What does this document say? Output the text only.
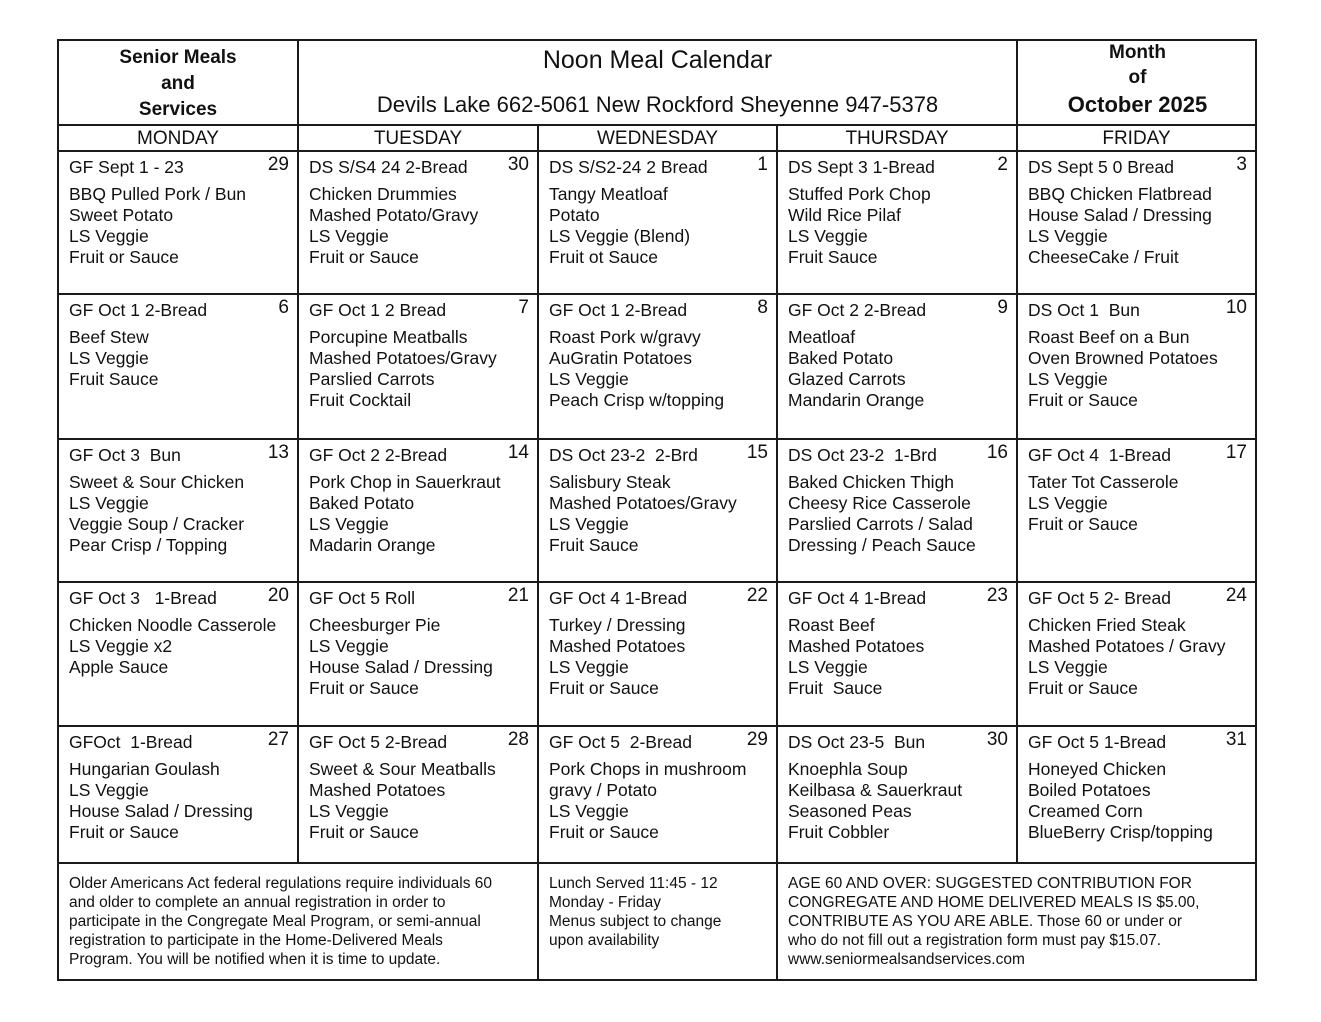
Senior Meals
and
Services
Noon Meal Calendar
Devils Lake 662-5061 New Rockford Sheyenne 947-5378
Month
of
October 2025
MONDAY	TUESDAY	WEDNESDAY	THURSDAY	FRIDAY
GF Sept 1 - 23	29
BBQ Pulled Pork / Bun
Sweet Potato
LS Veggie
Fruit or Sauce
DS S/S4 24 2-Bread 30
Chicken Drummies
Mashed Potato/Gravy
LS Veggie
Fruit or Sauce
DS S/S2-24 2 Bread	1
Tangy Meatloaf
Potato
LS Veggie (Blend)
Fruit ot Sauce
DS Sept 3 1-Bread	2
Stuffed Pork Chop
Wild Rice Pilaf
LS Veggie
Fruit Sauce
DS Sept 5 0 Bread	3
BBQ Chicken Flatbread
House Salad / Dressing
LS Veggie
CheeseCake / Fruit
GF Oct 1 2-Bread	6
Beef Stew
LS Veggie
Fruit Sauce
GF Oct 1 2 Bread	7
Porcupine Meatballs
Mashed Potatoes/Gravy
Parslied Carrots
Fruit Cocktail
GF Oct 1 2-Bread	8
Roast Pork w/gravy
AuGratin Potatoes
LS Veggie
Peach Crisp w/topping
GF Oct 2 2-Bread	9
Meatloaf
Baked Potato
Glazed Carrots
Mandarin Orange
DS Oct 1  Bun	10
Roast Beef on a Bun
Oven Browned Potatoes
LS Veggie
Fruit or Sauce
GF Oct 3  Bun	13
Sweet & Sour Chicken
LS Veggie
Veggie Soup / Cracker
Pear Crisp / Topping
GF Oct 2 2-Bread	14
Pork Chop in Sauerkraut
Baked Potato
LS Veggie
Madarin Orange
DS Oct 23-2  2-Brd	15
Salisbury Steak
Mashed Potatoes/Gravy
LS Veggie
Fruit Sauce
DS Oct 23-2  1-Brd	16
Baked Chicken Thigh
Cheesy Rice Casserole
Parslied Carrots / Salad
Dressing / Peach Sauce
GF Oct 4  1-Bread	17
Tater Tot Casserole
LS Veggie
Fruit or Sauce
GF Oct 3   1-Bread	20
Chicken Noodle Casserole
LS Veggie x2
Apple Sauce
GF Oct 5 Roll	21
Cheesburger Pie
LS Veggie
House Salad / Dressing
Fruit or Sauce
GF Oct 4 1-Bread	22
Turkey / Dressing
Mashed Potatoes
LS Veggie
Fruit or Sauce
GF Oct 4 1-Bread	23
Roast Beef
Mashed Potatoes
LS Veggie
Fruit  Sauce
GF Oct 5 2- Bread	24
Chicken Fried Steak
Mashed Potatoes / Gravy
LS Veggie
Fruit or Sauce
GFOct  1-Bread	27
Hungarian Goulash
LS Veggie
House Salad / Dressing
Fruit or Sauce
GF Oct 5 2-Bread	28
Sweet & Sour Meatballs
Mashed Potatoes
LS Veggie
Fruit or Sauce
GF Oct 5  2-Bread	29
Pork Chops in mushroom
gravy / Potato
LS Veggie
Fruit or Sauce
DS Oct 23-5  Bun	30
Knoephla Soup
Keilbasa & Sauerkraut
Seasoned Peas
Fruit Cobbler
GF Oct 5 1-Bread	31
Honeyed Chicken
Boiled Potatoes
Creamed Corn
BlueBerry Crisp/topping
Older Americans Act federal regulations require individuals 60
and older to complete an annual registration in order to
participate in the Congregate Meal Program, or semi-annual
registration to participate in the Home-Delivered Meals
Program. You will be notified when it is time to update.
Lunch Served 11:45 - 12
Monday - Friday
Menus subject to change
upon availability
AGE 60 AND OVER: SUGGESTED CONTRIBUTION FOR
CONGREGATE AND HOME DELIVERED MEALS IS $5.00,
CONTRIBUTE AS YOU ARE ABLE. Those 60 or under or
who do not fill out a registration form must pay $15.07.
www.seniormealsandservices.com
